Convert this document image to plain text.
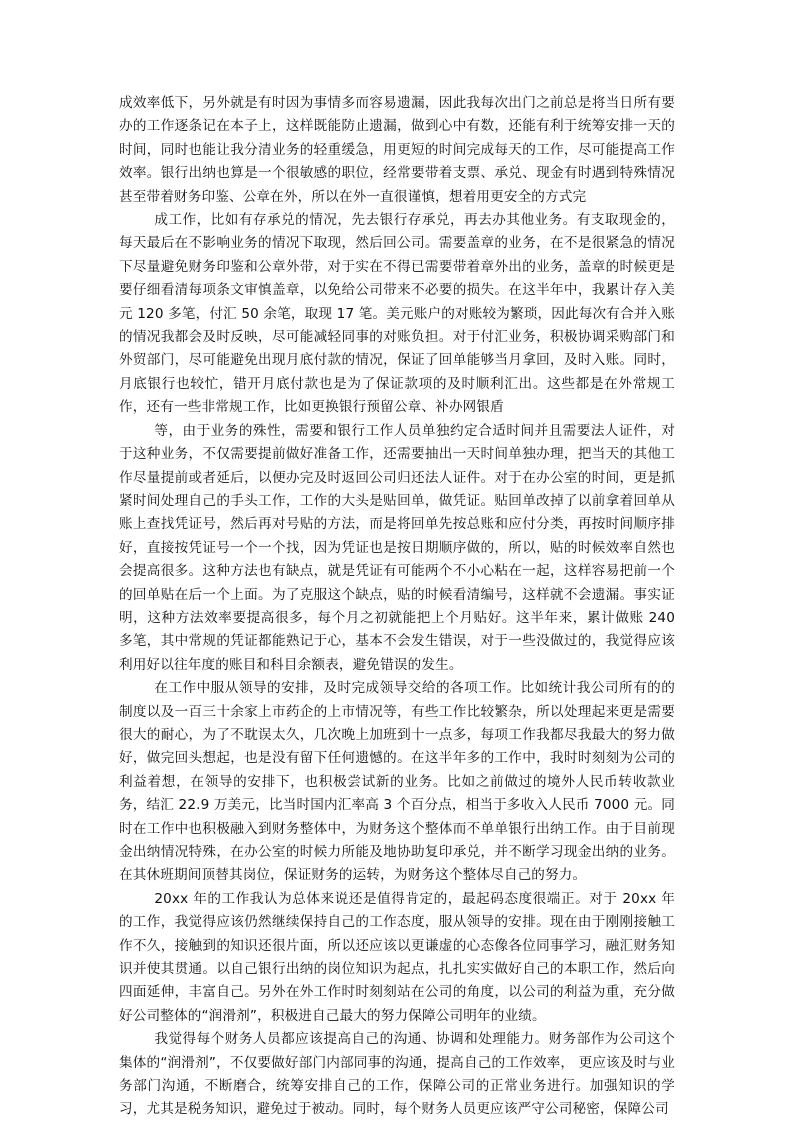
成效率低下，另外就是有时因为事情多而容易遗漏，因此我每次出门之前总是将当日所有要办的工作逐条记在本子上，这样既能防止遗漏，做到心中有数，还能有利于统筹安排一天的时间，同时也能让我分清业务的轻重缓急，用更短的时间完成每天的工作，尽可能提高工作效率。银行出纳也算是一个很敏感的职位，经常要带着支票、承兑、现金有时遇到特殊情况甚至带着财务印鉴、公章在外，所以在外一直很谨慎，想着用更安全的方式完

成工作，比如有存承兑的情况，先去银行存承兑，再去办其他业务。有支取现金的，每天最后在不影响业务的情况下取现，然后回公司。需要盖章的业务，在不是很紧急的情况下尽量避免财务印鉴和公章外带，对于实在不得已需要带着章外出的业务，盖章的时候更是要仔细看清每项条文审慎盖章，以免给公司带来不必要的损失。在这半年中，我累计存入美元 120 多笔，付汇 50 余笔，取现 17 笔。美元账户的对账较为繁琐，因此每次有合并入账的情况我都会及时反映，尽可能减轻同事的对账负担。对于付汇业务，积极协调采购部门和外贸部门，尽可能避免出现月底付款的情况，保证了回单能够当月拿回，及时入账。同时，月底银行也较忙，错开月底付款也是为了保证款项的及时顺利汇出。这些都是在外常规工作，还有一些非常规工作，比如更换银行预留公章、补办网银盾

等，由于业务的殊性，需要和银行工作人员单独约定合适时间并且需要法人证件，对于这种业务，不仅需要提前做好准备工作，还需要抽出一天时间单独办理，把当天的其他工作尽量提前或者延后，以便办完及时返回公司归还法人证件。对于在办公室的时间，更是抓紧时间处理自己的手头工作，工作的大头是贴回单，做凭证。贴回单改掉了以前拿着回单从账上查找凭证号，然后再对号贴的方法，而是将回单先按总账和应付分类，再按时间顺序排好，直接按凭证号一个一个找，因为凭证也是按日期顺序做的，所以，贴的时候效率自然也会提高很多。这种方法也有缺点，就是凭证有可能两个不小心粘在一起，这样容易把前一个的回单贴在后一个上面。为了克服这个缺点，贴的时候看清编号，这样就不会遗漏。事实证明，这种方法效率要提高很多，每个月之初就能把上个月贴好。这半年来，累计做账 240 多笔，其中常规的凭证都能熟记于心，基本不会发生错误，对于一些没做过的，我觉得应该利用好以往年度的账目和科目余额表，避免错误的发生。

在工作中服从领导的安排，及时完成领导交给的各项工作。比如统计我公司所有的的制度以及一百三十余家上市药企的上市情况等，有些工作比较繁杂，所以处理起来更是需要很大的耐心，为了不耽误太久，几次晚上加班到十一点多，每项工作我都尽我最大的努力做好，做完回头想起，也是没有留下任何遗憾的。在这半年多的工作中，我时时刻刻为公司的利益着想，在领导的安排下，也积极尝试新的业务。比如之前做过的境外人民币转收款业务，结汇 22.9 万美元，比当时国内汇率高 3 个百分点，相当于多收入人民币 7000 元。同时在工作中也积极融入到财务整体中，为财务这个整体而不单单银行出纳工作。由于目前现金出纳情况特殊，在办公室的时候力所能及地协助复印承兑，并不断学习现金出纳的业务。在其休班期间顶替其岗位，保证财务的运转，为财务这个整体尽自己的努力。

20xx 年的工作我认为总体来说还是值得肯定的，最起码态度很端正。对于 20xx 年的工作，我觉得应该仍然继续保持自己的工作态度，服从领导的安排。现在由于刚刚接触工作不久，接触到的知识还很片面，所以还应该以更谦虚的心态像各位同事学习，融汇财务知识并使其贯通。以自己银行出纳的岗位知识为起点，扎扎实实做好自己的本职工作，然后向四面延伸，丰富自己。另外在外工作时时刻刻站在公司的角度，以公司的利益为重，充分做好公司整体的“润滑剂”，积极进自己最大的努力保障公司明年的业绩。

我觉得每个财务人员都应该提高自己的沟通、协调和处理能力。财务部作为公司这个集体的“润滑剂”，不仅要做好部门内部同事的沟通，提高自己的工作效率， 更应该及时与业务部门沟通，不断磨合，统筹安排自己的工作，保障公司的正常业务进行。加强知识的学习，尤其是税务知识，避免过于被动。同时，每个财务人员更应该严守公司秘密，保障公司
